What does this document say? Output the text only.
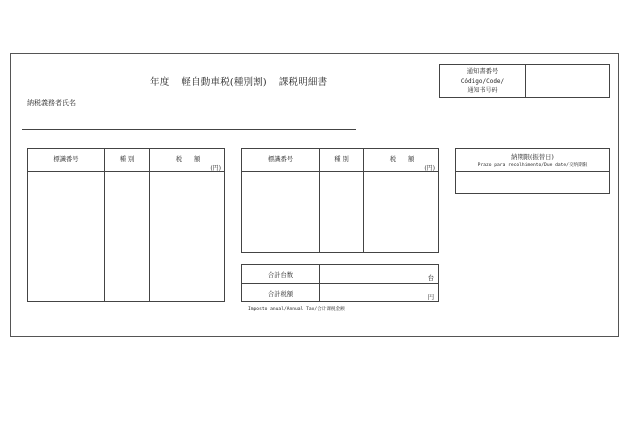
年度 軽自動車税(種別割) 課税明細書
通知書番号
Código/Code/
通知书号码
納税義務者氏名
標識番号	種 別	税 額
(円)
標識番号	種 別	税 額
(円)
合計台数	台
合計税額	円
Imposto anual/Annual Tax/合计课税金额
納期限(振替日)
Prazo para recolhimento/Due date/交纳期限
